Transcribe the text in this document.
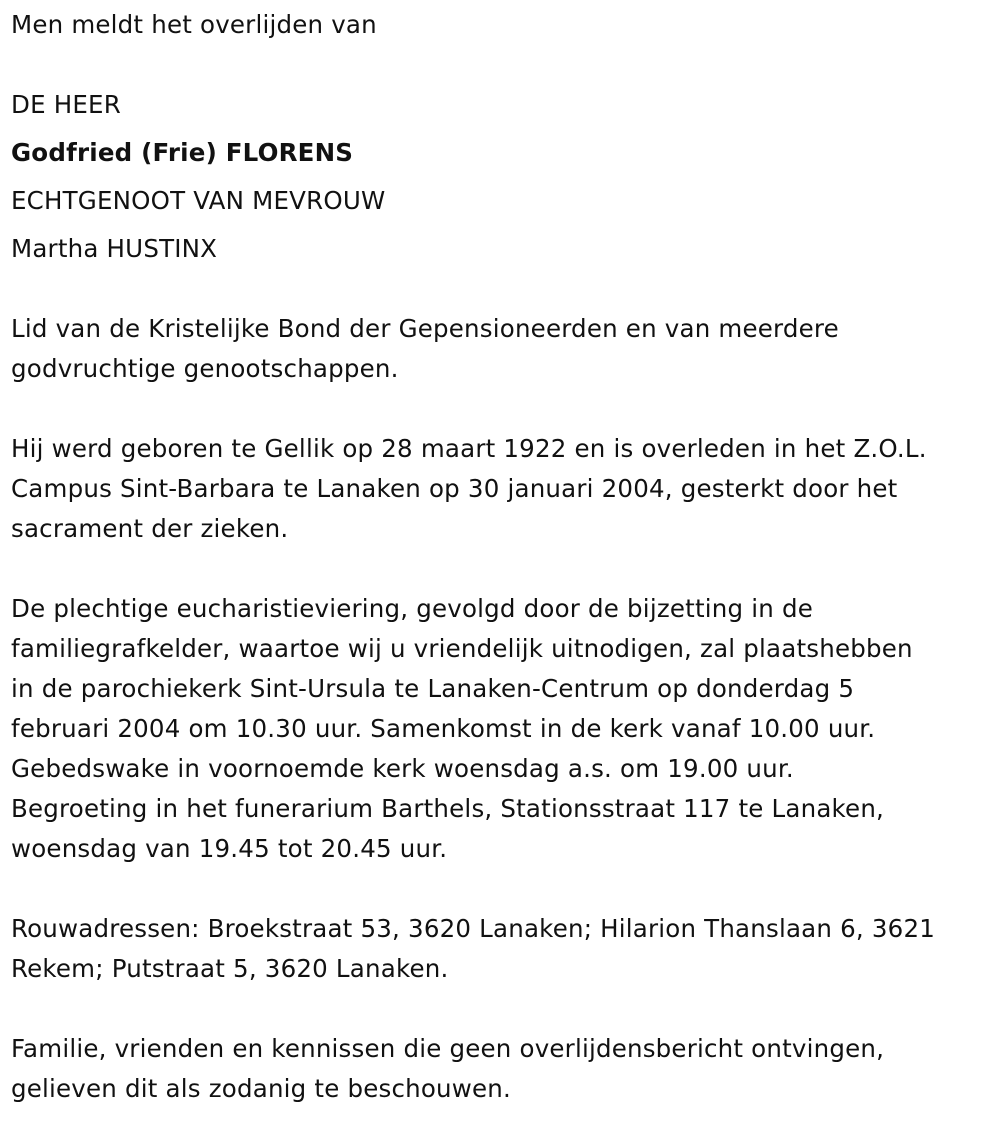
Men meldt het overlijden van

DE HEER

Godfried (Frie) FLORENS

ECHTGENOOT VAN MEVROUW

Martha HUSTINX

Lid van de Kristelijke Bond der Gepensioneerden en van meerdere
godvruchtige genootschappen.
Hij werd geboren te Gellik op 28 maart 1922 en is overleden in het Z.O.L.
Campus Sint-Barbara te Lanaken op 30 januari 2004, gesterkt door het
sacrament der zieken.
De plechtige eucharistieviering, gevolgd door de bijzetting in de
familiegrafkelder, waartoe wij u vriendelijk uitnodigen, zal plaatshebben
in de parochiekerk Sint-Ursula te Lanaken-Centrum op donderdag 5
februari 2004 om 10.30 uur. Samenkomst in de kerk vanaf 10.00 uur.
Gebedswake in voornoemde kerk woensdag a.s. om 19.00 uur.
Begroeting in het funerarium Barthels, Stationsstraat 117 te Lanaken,
woensdag van 19.45 tot 20.45 uur.
Rouwadressen: Broekstraat 53, 3620 Lanaken; Hilarion Thanslaan 6, 3621
Rekem; Putstraat 5, 3620 Lanaken.
Familie, vrienden en kennissen die geen overlijdensbericht ontvingen,
gelieven dit als zodanig te beschouwen.
